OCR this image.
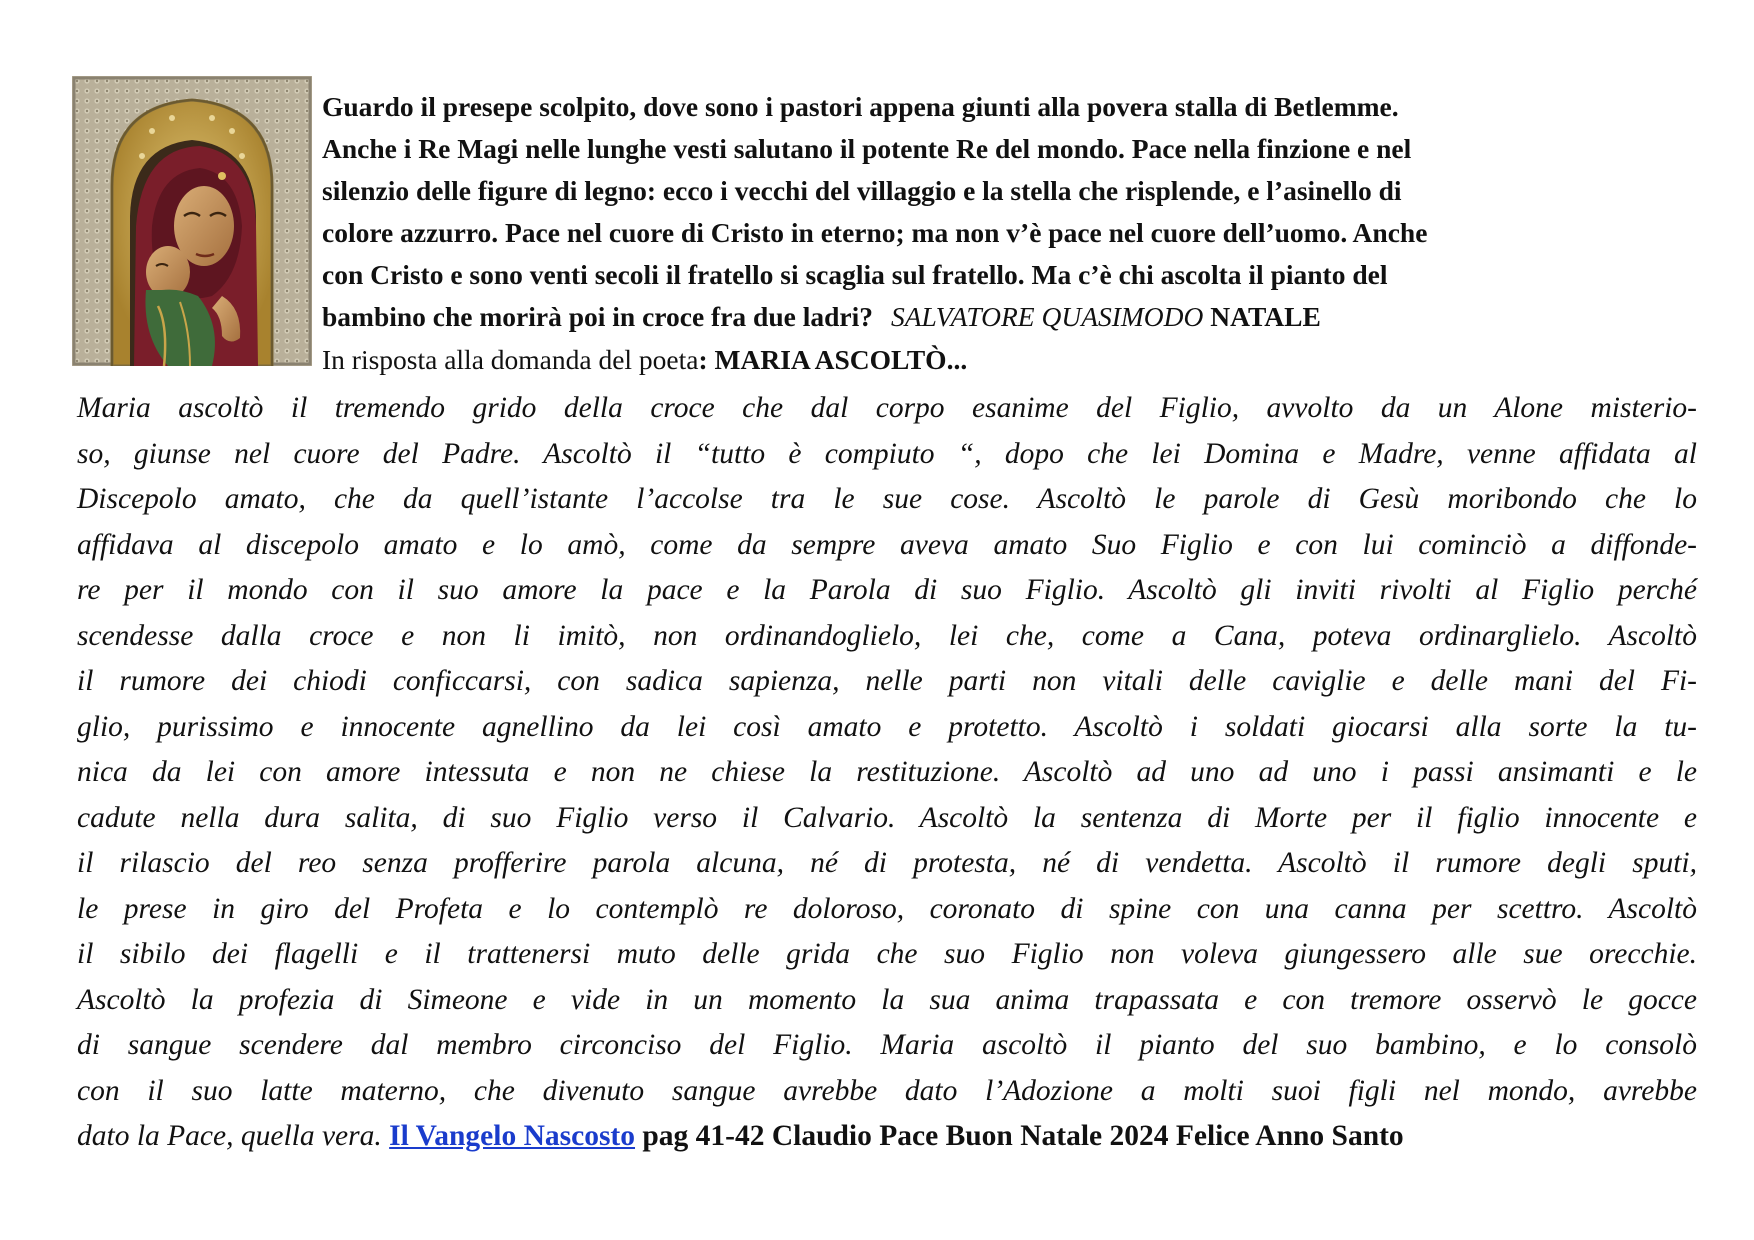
Guardo il presepe scolpito, dove sono i pastori appena giunti alla povera stalla di Betlemme.
Anche i Re Magi nelle lunghe vesti salutano il potente Re del mondo. Pace nella finzione e nel
silenzio delle figure di legno: ecco i vecchi del villaggio e la stella che risplende, e l’asinello di
colore azzurro. Pace nel cuore di Cristo in eterno; ma non v’è pace nel cuore dell’uomo. Anche
con Cristo e sono venti secoli il fratello si scaglia sul fratello. Ma c’è chi ascolta il pianto del
bambino che morirà poi in croce fra due ladri? SALVATORE QUASIMODO NATALE
In risposta alla domanda del poeta: MARIA ASCOLTÒ...
Maria ascoltò il tremendo grido della croce che dal corpo esanime del Figlio, avvolto da un Alone misterio-
so, giunse nel cuore del Padre. Ascoltò il “tutto è compiuto “, dopo che lei Domina e Madre, venne affidata al
Discepolo amato, che da quell’istante l’accolse tra le sue cose. Ascoltò le parole di Gesù moribondo che lo
affidava al discepolo amato e lo amò, come da sempre aveva amato Suo Figlio e con lui cominciò a diffonde-
re per il mondo con il suo amore la pace e la Parola di suo Figlio. Ascoltò gli inviti rivolti al Figlio perché
scendesse dalla croce e non li imitò, non ordinandoglielo, lei che, come a Cana, poteva ordinarglielo. Ascoltò
il rumore dei chiodi conficcarsi, con sadica sapienza, nelle parti non vitali delle caviglie e delle mani del Fi-
glio, purissimo e innocente agnellino da lei così amato e protetto. Ascoltò i soldati giocarsi alla sorte la tu-
nica da lei con amore intessuta e non ne chiese la restituzione. Ascoltò ad uno ad uno i passi ansimanti e le
cadute nella dura salita, di suo Figlio verso il Calvario. Ascoltò la sentenza di Morte per il figlio innocente e
il rilascio del reo senza profferire parola alcuna, né di protesta, né di vendetta. Ascoltò il rumore degli sputi,
le prese in giro del Profeta e lo contemplò re doloroso, coronato di spine con una canna per scettro. Ascoltò
il sibilo dei flagelli e il trattenersi muto delle grida che suo Figlio non voleva giungessero alle sue orecchie.
Ascoltò la profezia di Simeone e vide in un momento la sua anima trapassata e con tremore osservò le gocce
di sangue scendere dal membro circonciso del Figlio. Maria ascoltò il pianto del suo bambino, e lo consolò
con il suo latte materno, che divenuto sangue avrebbe dato l’Adozione a molti suoi figli nel mondo, avrebbe
dato la Pace, quella vera. Il Vangelo Nascosto pag 41-42 Claudio Pace Buon Natale 2024 Felice Anno Santo
